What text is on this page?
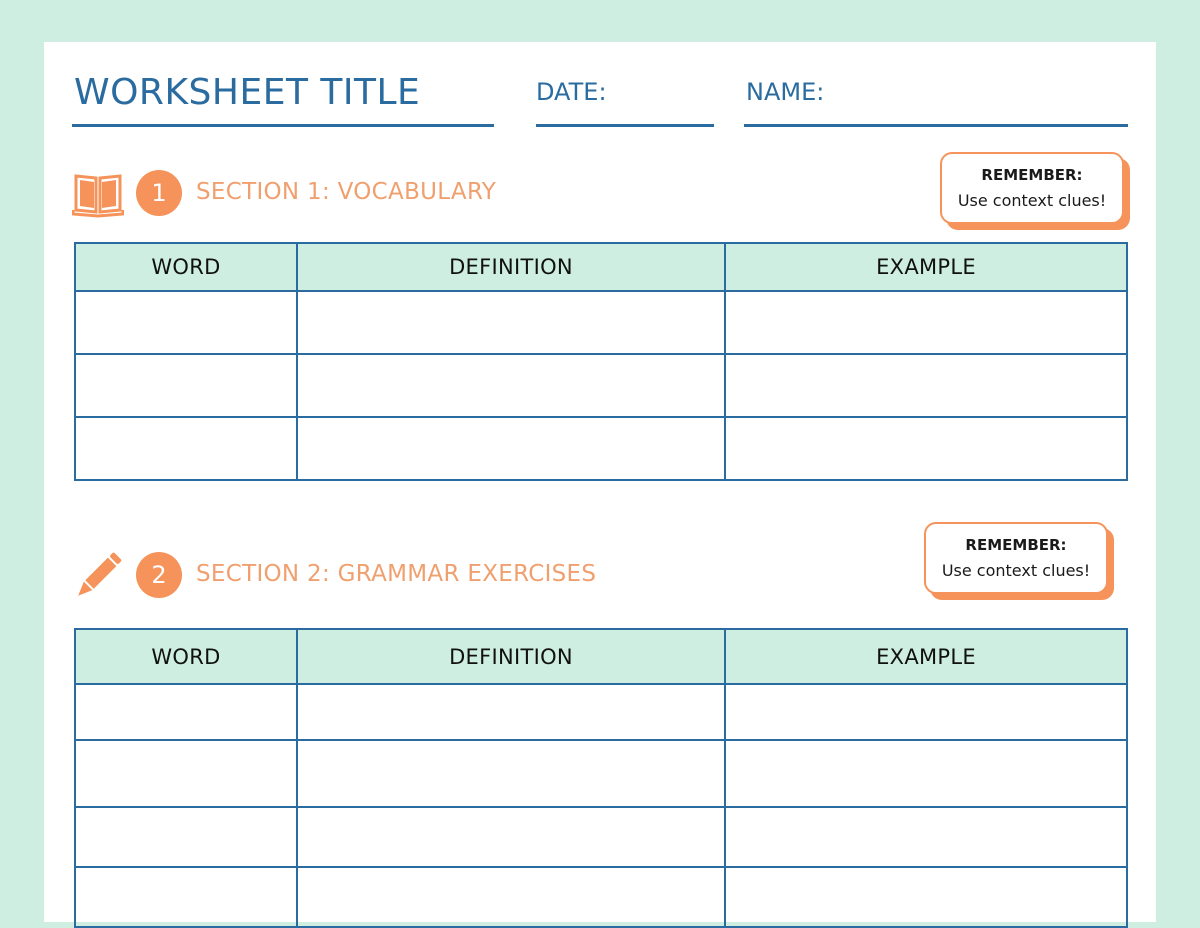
WORKSHEET TITLE	DATE:	NAME:
1	SECTION 1: VOCABULARY
REMEMBER:
Use context clues!
WORD	DEFINITION	EXAMPLE

2	SECTION 2: GRAMMAR EXERCISES
REMEMBER:
Use context clues!
WORD	DEFINITION	EXAMPLE
